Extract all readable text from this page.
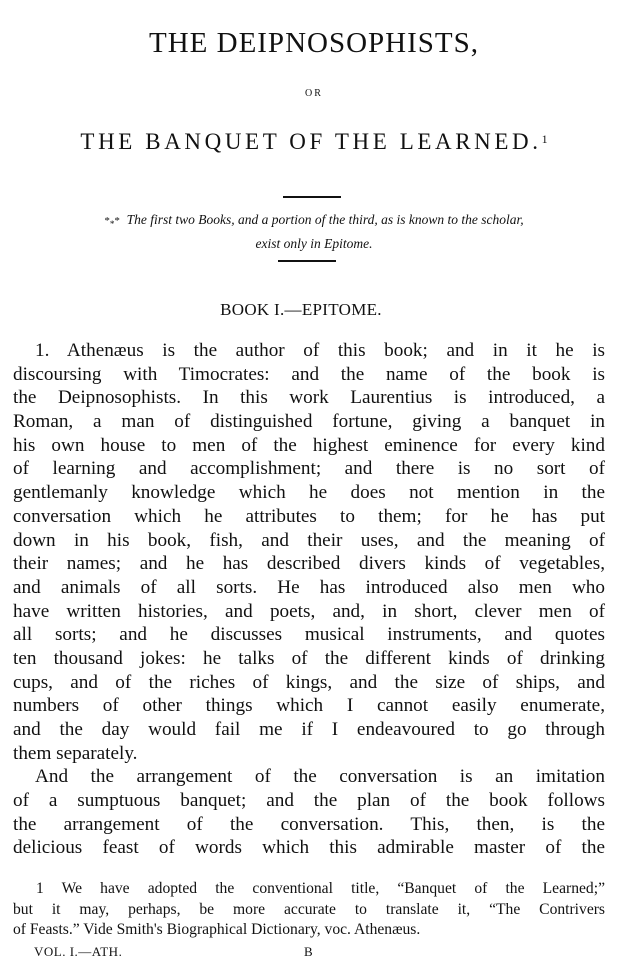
THE DEIPNOSOPHISTS,
OR
THE BANQUET OF THE LEARNED.$^1$
$*_**$ The first two Books, and a portion of the third, as is known to the scholar,
exist only in Epitome.
BOOK I.—EPITOME.
1. Athenæus is the author of this book; and in it he is
discoursing with Timocrates: and the name of the book is
the Deipnosophists. In this work Laurentius is introduced, a
Roman, a man of distinguished fortune, giving a banquet in
his own house to men of the highest eminence for every kind
of learning and accomplishment; and there is no sort of
gentlemanly knowledge which he does not mention in the
conversation which he attributes to them; for he has put
down in his book, fish, and their uses, and the meaning of
their names; and he has described divers kinds of vegetables,
and animals of all sorts. He has introduced also men who
have written histories, and poets, and, in short, clever men of
all sorts; and he discusses musical instruments, and quotes
ten thousand jokes: he talks of the different kinds of drinking
cups, and of the riches of kings, and the size of ships, and
numbers of other things which I cannot easily enumerate,
and the day would fail me if I endeavoured to go through
them separately.
And the arrangement of the conversation is an imitation
of a sumptuous banquet; and the plan of the book follows
the arrangement of the conversation. This, then, is the
delicious feast of words which this admirable master of the
1 We have adopted the conventional title, “Banquet of the Learned;”
but it may, perhaps, be more accurate to translate it, “The Contrivers
of Feasts.” Vide Smith's Biographical Dictionary, voc. Athenæus.
VOL. I.—ATH.	B
